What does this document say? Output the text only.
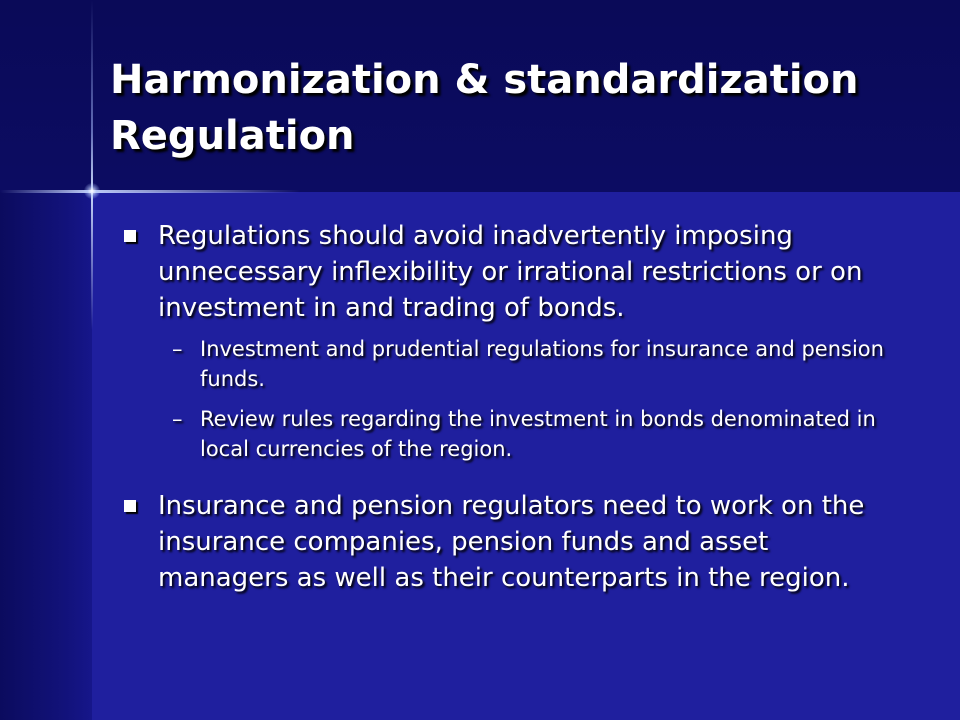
Harmonization & standardization
Regulation

Regulations should avoid inadvertently imposing unnecessary inflexibility or irrational restrictions or on investment in and trading of bonds.

– Investment and prudential regulations for insurance and pension funds.

– Review rules regarding the investment in bonds denominated in local currencies of the region.

Insurance and pension regulators need to work on the insurance companies, pension funds and asset managers as well as their counterparts in the region.
